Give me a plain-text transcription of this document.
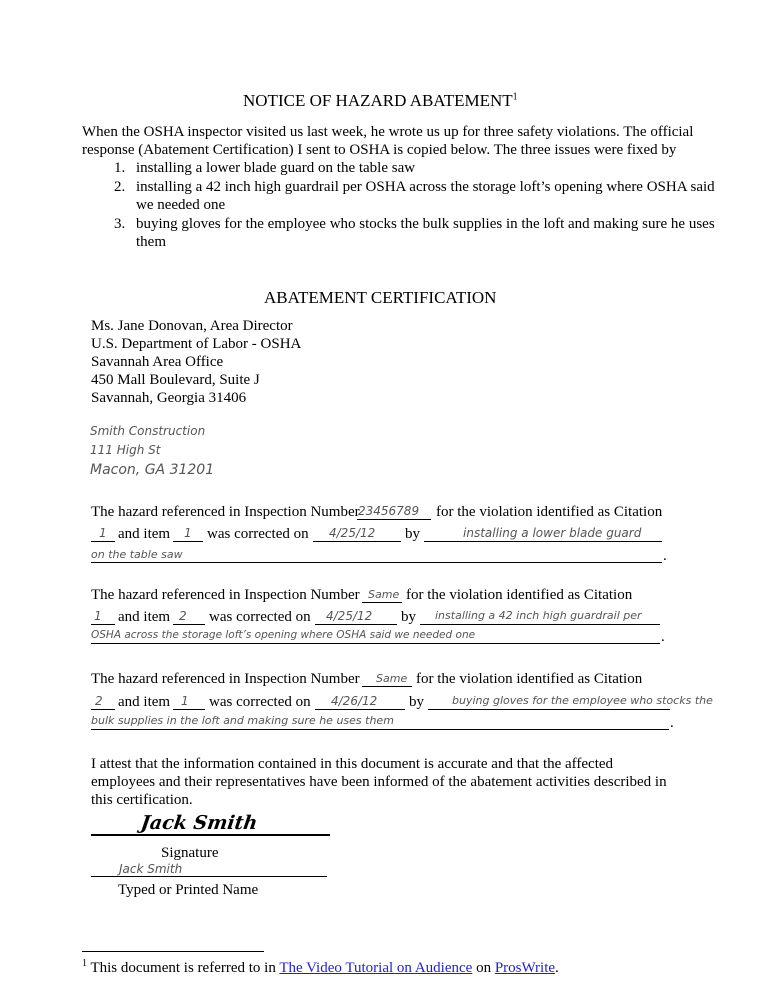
NOTICE OF HAZARD ABATEMENT$^1$
When the OSHA inspector visited us last week, he wrote us up for three safety violations. The official
response (Abatement Certification) I sent to OSHA is copied below. The three issues were fixed by
1. installing a lower blade guard on the table saw
2. installing a 42 inch high guardrail per OSHA across the storage loft’s opening where OSHA said
we needed one
3. buying gloves for the employee who stocks the bulk supplies in the loft and making sure he uses
them
ABATEMENT CERTIFICATION
Ms. Jane Donovan, Area Director
U.S. Department of Labor - OSHA
Savannah Area Office
450 Mall Boulevard, Suite J
Savannah, Georgia 31406
Smith Construction
111 High St
Macon, GA 31201
The hazard referenced in Inspection Number
23456789 for the violation identified as Citation
1 and item 1 was corrected on 4/25/12 by	installing a lower blade guard
on the table saw	.
The hazard referenced in Inspection Number Same for the violation identified as Citation
1 and item 2 was corrected on 4/25/12 by installing a 42 inch high guardrail per
OSHA across the storage loft’s opening where OSHA said we needed one	.
The hazard referenced in Inspection Number Same for the violation identified as Citation
2 and item 1 was corrected on 4/26/12 by	buying gloves for the employee who stocks the
bulk supplies in the loft and making sure he uses them	.
I attest that the information contained in this document is accurate and that the affected
employees and their representatives have been informed of the abatement activities described in
this certification.
Jack Smith
Signature
Jack Smith
Typed or Printed Name
$^1$ This document is referred to in The Video Tutorial on Audience on ProsWrite.
